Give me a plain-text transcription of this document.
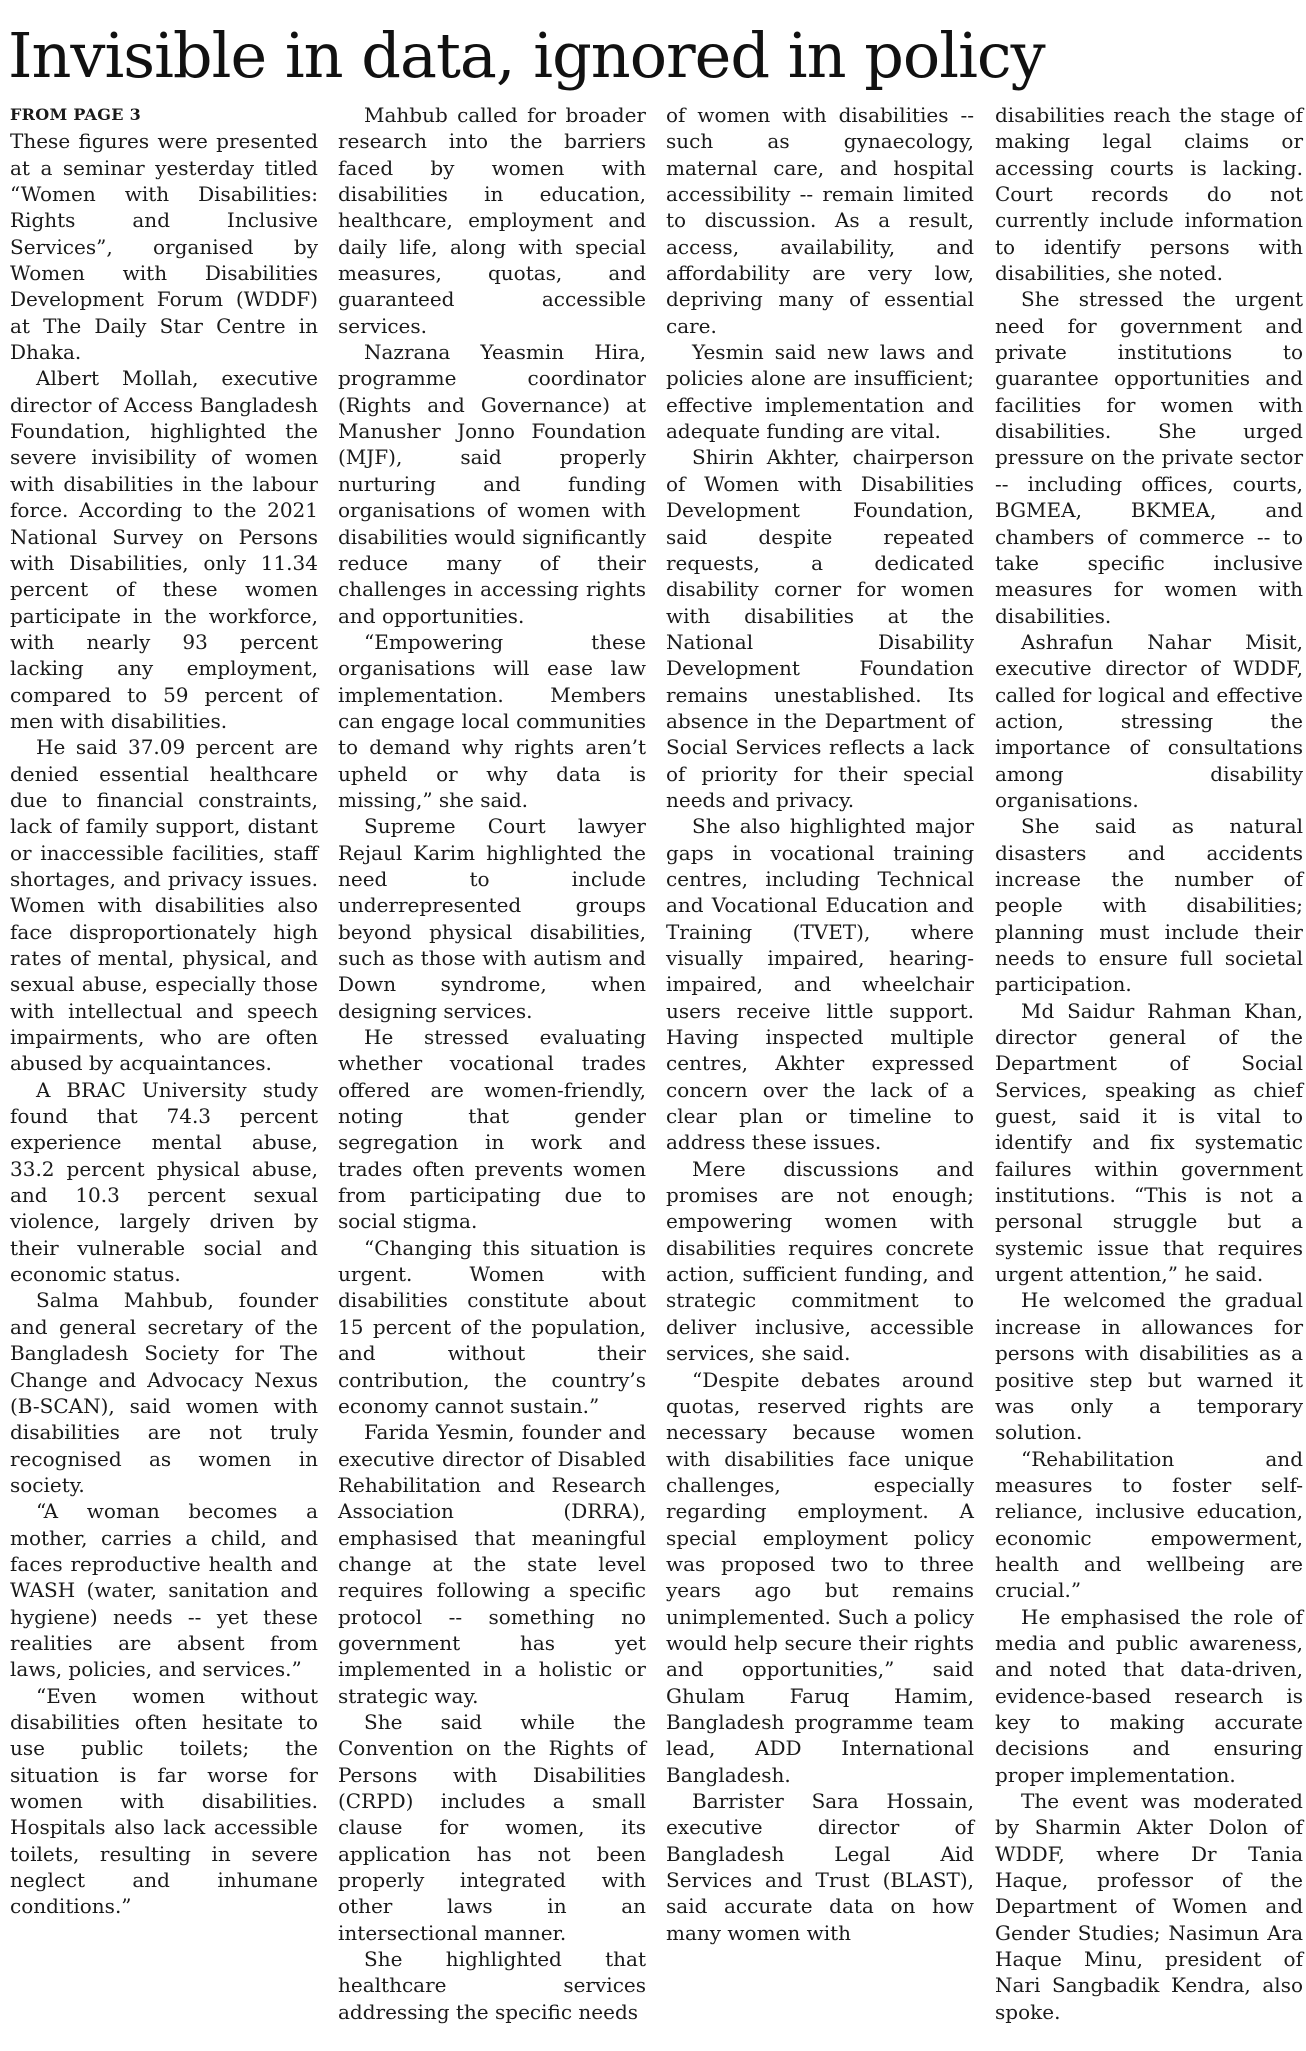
Invisible in data, ignored in policy
FROM PAGE 3

These figures were presented at a seminar yesterday titled “Women with Disabilities: Rights and Inclusive Services”, organised by Women with Disabilities Development Forum (WDDF) at The Daily Star Centre in Dhaka.

Albert Mollah, executive director of Access Bangladesh Foundation, highlighted the severe invisibility of women with disabilities in the labour force. According to the 2021 National Survey on Persons with Disabilities, only 11.34 percent of these women participate in the workforce, with nearly 93 percent lacking any employment, compared to 59 percent of men with disabilities.

He said 37.09 percent are denied essential healthcare due to financial constraints, lack of family support, distant or inaccessible facilities, staff shortages, and privacy issues. Women with disabilities also face disproportionately high rates of mental, physical, and sexual abuse, especially those with intellectual and speech impairments, who are often abused by acquaintances.

A BRAC University study found that 74.3 percent experience mental abuse, 33.2 percent physical abuse, and 10.3 percent sexual violence, largely driven by their vulnerable social and economic status.

Salma Mahbub, founder and general secretary of the Bangladesh Society for The Change and Advocacy Nexus (B-SCAN), said women with disabilities are not truly recognised as women in society.

“A woman becomes a mother, carries a child, and faces reproductive health and WASH (water, sanitation and hygiene) needs -- yet these realities are absent from laws, policies, and services.”

“Even women without disabilities often hesitate to use public toilets; the situation is far worse for women with disabilities. Hospitals also lack accessible toilets, resulting in severe neglect and inhumane conditions.”

Mahbub called for broader research into the barriers faced by women with disabilities in education, healthcare, employment and daily life, along with special measures, quotas, and guaranteed accessible services.

Nazrana Yeasmin Hira, programme coordinator (Rights and Governance) at Manusher Jonno Foundation (MJF), said properly nurturing and funding organisations of women with disabilities would significantly reduce many of their challenges in accessing rights and opportunities.

“Empowering these organisations will ease law implementation. Members can engage local communities to demand why rights aren’t upheld or why data is missing,” she said.

Supreme Court lawyer Rejaul Karim highlighted the need to include underrepresented groups beyond physical disabilities, such as those with autism and Down syndrome, when designing services.

He stressed evaluating whether vocational trades offered are women-friendly, noting that gender segregation in work and trades often prevents women from participating due to social stigma.

“Changing this situation is urgent. Women with disabilities constitute about 15 percent of the population, and without their contribution, the country’s economy cannot sustain.”

Farida Yesmin, founder and executive director of Disabled Rehabilitation and Research Association (DRRA), emphasised that meaningful change at the state level requires following a specific protocol -- something no government has yet implemented in a holistic or strategic way.

She said while the Convention on the Rights of Persons with Disabilities (CRPD) includes a small clause for women, its application has not been properly integrated with other laws in an intersectional manner.

She highlighted that healthcare services addressing the specific needs

of women with disabilities -- such as gynaecology, maternal care, and hospital accessibility -- remain limited to discussion. As a result, access, availability, and affordability are very low, depriving many of essential care.

Yesmin said new laws and policies alone are insufficient; effective implementation and adequate funding are vital.

Shirin Akhter, chairperson of Women with Disabilities Development Foundation, said despite repeated requests, a dedicated disability corner for women with disabilities at the National Disability Development Foundation remains unestablished. Its absence in the Department of Social Services reflects a lack of priority for their special needs and privacy.

She also highlighted major gaps in vocational training centres, including Technical and Vocational Education and Training (TVET), where visually impaired, hearing-impaired, and wheelchair users receive little support. Having inspected multiple centres, Akhter expressed concern over the lack of a clear plan or timeline to address these issues.

Mere discussions and promises are not enough; empowering women with disabilities requires concrete action, sufficient funding, and strategic commitment to deliver inclusive, accessible services, she said.

“Despite debates around quotas, reserved rights are necessary because women with disabilities face unique challenges, especially regarding employment. A special employment policy was proposed two to three years ago but remains unimplemented. Such a policy would help secure their rights and opportunities,” said Ghulam Faruq Hamim, Bangladesh programme team lead, ADD International Bangladesh.

Barrister Sara Hossain, executive director of Bangladesh Legal Aid Services and Trust (BLAST), said accurate data on how many women with

disabilities reach the stage of making legal claims or accessing courts is lacking. Court records do not currently include information to identify persons with disabilities, she noted.

She stressed the urgent need for government and private institutions to guarantee opportunities and facilities for women with disabilities. She urged pressure on the private sector -- including offices, courts, BGMEA, BKMEA, and chambers of commerce -- to take specific inclusive measures for women with disabilities.

Ashrafun Nahar Misit, executive director of WDDF, called for logical and effective action, stressing the importance of consultations among disability organisations.

She said as natural disasters and accidents increase the number of people with disabilities; planning must include their needs to ensure full societal participation.

Md Saidur Rahman Khan, director general of the Department of Social Services, speaking as chief guest, said it is vital to identify and fix systematic failures within government institutions. “This is not a personal struggle but a systemic issue that requires urgent attention,” he said.

He welcomed the gradual increase in allowances for persons with disabilities as a positive step but warned it was only a temporary solution.

“Rehabilitation and measures to foster self-reliance, inclusive education, economic empowerment, health and wellbeing are crucial.”

He emphasised the role of media and public awareness, and noted that data-driven, evidence-based research is key to making accurate decisions and ensuring proper implementation.

The event was moderated by Sharmin Akter Dolon of WDDF, where Dr Tania Haque, professor of the Department of Women and Gender Studies; Nasimun Ara Haque Minu, president of Nari Sangbadik Kendra, also spoke.
